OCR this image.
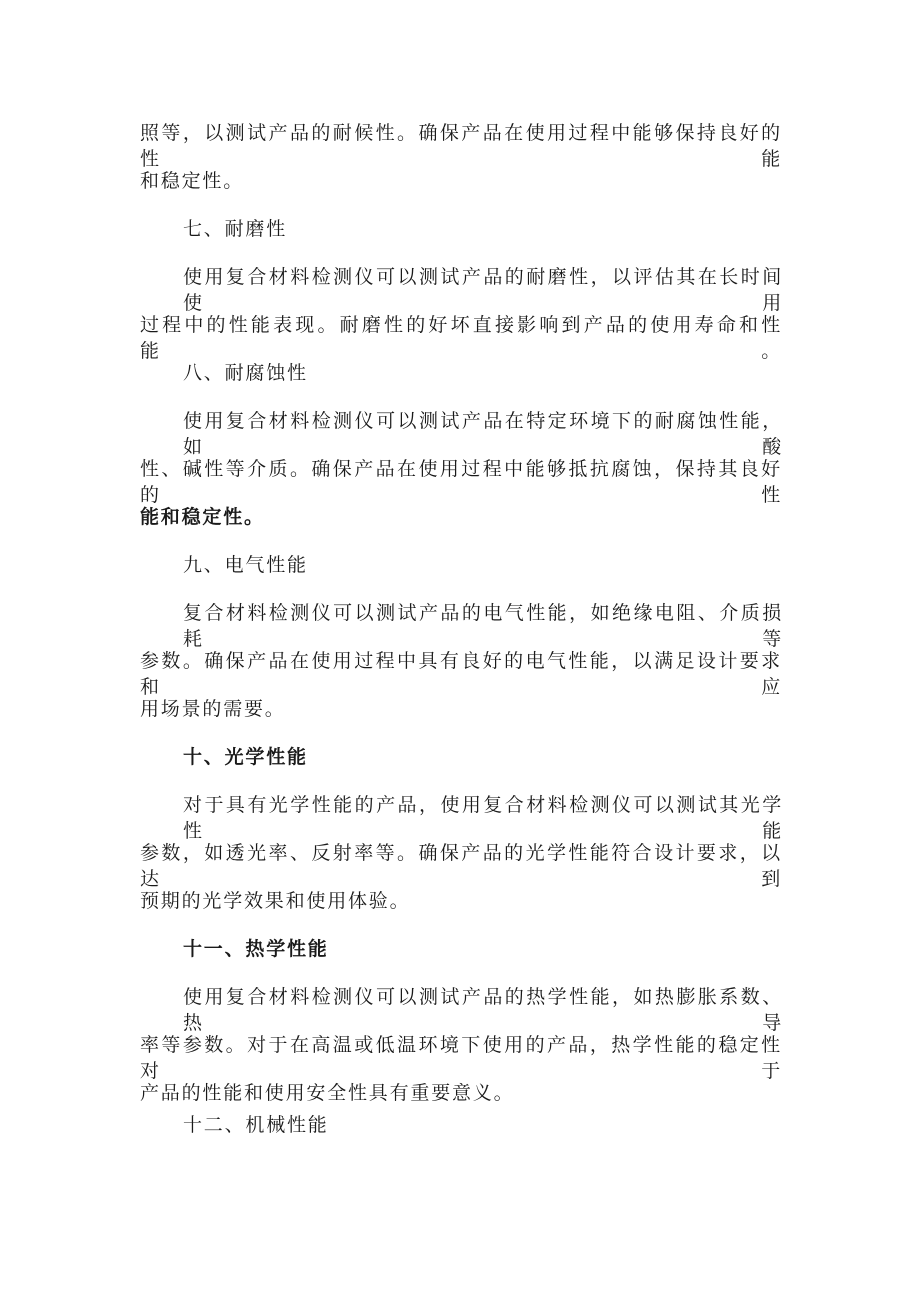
照等，以测试产品的耐候性。确保产品在使用过程中能够保持良好的性能
和稳定性。
七、耐磨性
使用复合材料检测仪可以测试产品的耐磨性，以评估其在长时间使用
过程中的性能表现。耐磨性的好坏直接影响到产品的使用寿命和性能。
八、耐腐蚀性
使用复合材料检测仪可以测试产品在特定环境下的耐腐蚀性能，如酸
性、碱性等介质。确保产品在使用过程中能够抵抗腐蚀，保持其良好的性
能和稳定性。
九、电气性能
复合材料检测仪可以测试产品的电气性能，如绝缘电阻、介质损耗等
参数。确保产品在使用过程中具有良好的电气性能，以满足设计要求和应
用场景的需要。
十、光学性能
对于具有光学性能的产品，使用复合材料检测仪可以测试其光学性能
参数，如透光率、反射率等。确保产品的光学性能符合设计要求，以达到
预期的光学效果和使用体验。
十一、热学性能
使用复合材料检测仪可以测试产品的热学性能，如热膨胀系数、热导
率等参数。对于在高温或低温环境下使用的产品，热学性能的稳定性对于
产品的性能和使用安全性具有重要意义。
十二、机械性能
